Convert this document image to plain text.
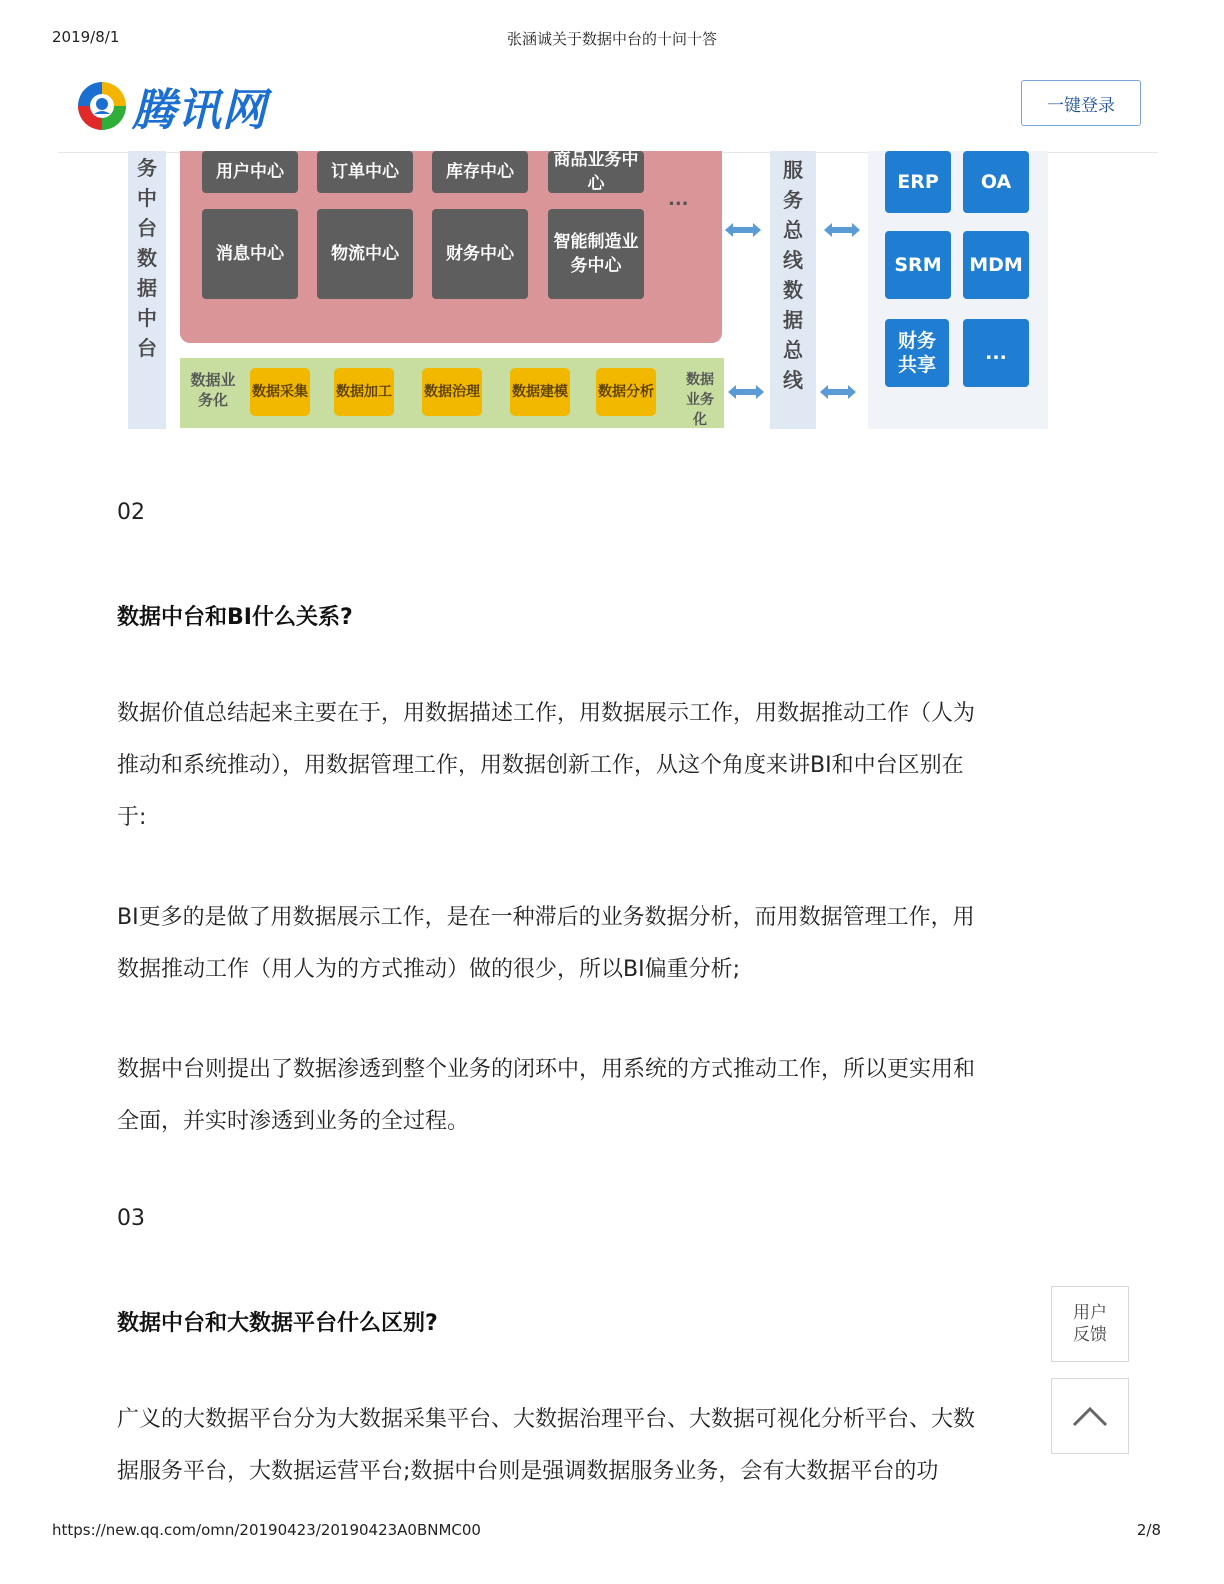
2019/8/1	张涵诚关于数据中台的十问十答
腾讯网	一键登录
务
中
台
数
据
中
台
用户中心	订单中心	库存中心
商品业务中心
消息中心	物流中心	财务中心
智能制造业务中心
...
数据业务化	数据采集 数据加工 数据治理 数据建模 数据分析
数据业务化
服
务
总
线
数
据
总
线
ERP OA
SRM MDM
财务共享
...
02
数据中台和BI什么关系?
数据价值总结起来主要在于，用数据描述工作，用数据展示工作，用数据推动工作（人为
推动和系统推动），用数据管理工作，用数据创新工作，从这个角度来讲BI和中台区别在
于:
BI更多的是做了用数据展示工作，是在一种滞后的业务数据分析，而用数据管理工作，用
数据推动工作（用人为的方式推动）做的很少，所以BI偏重分析;
数据中台则提出了数据渗透到整个业务的闭环中，用系统的方式推动工作，所以更实用和
全面，并实时渗透到业务的全过程。
03
数据中台和大数据平台什么区别?
广义的大数据平台分为大数据采集平台、大数据治理平台、大数据可视化分析平台、大数
据服务平台，大数据运营平台;数据中台则是强调数据服务业务，会有大数据平台的功
用户反馈
https://new.qq.com/omn/20190423/20190423A0BNMC00	2/8
